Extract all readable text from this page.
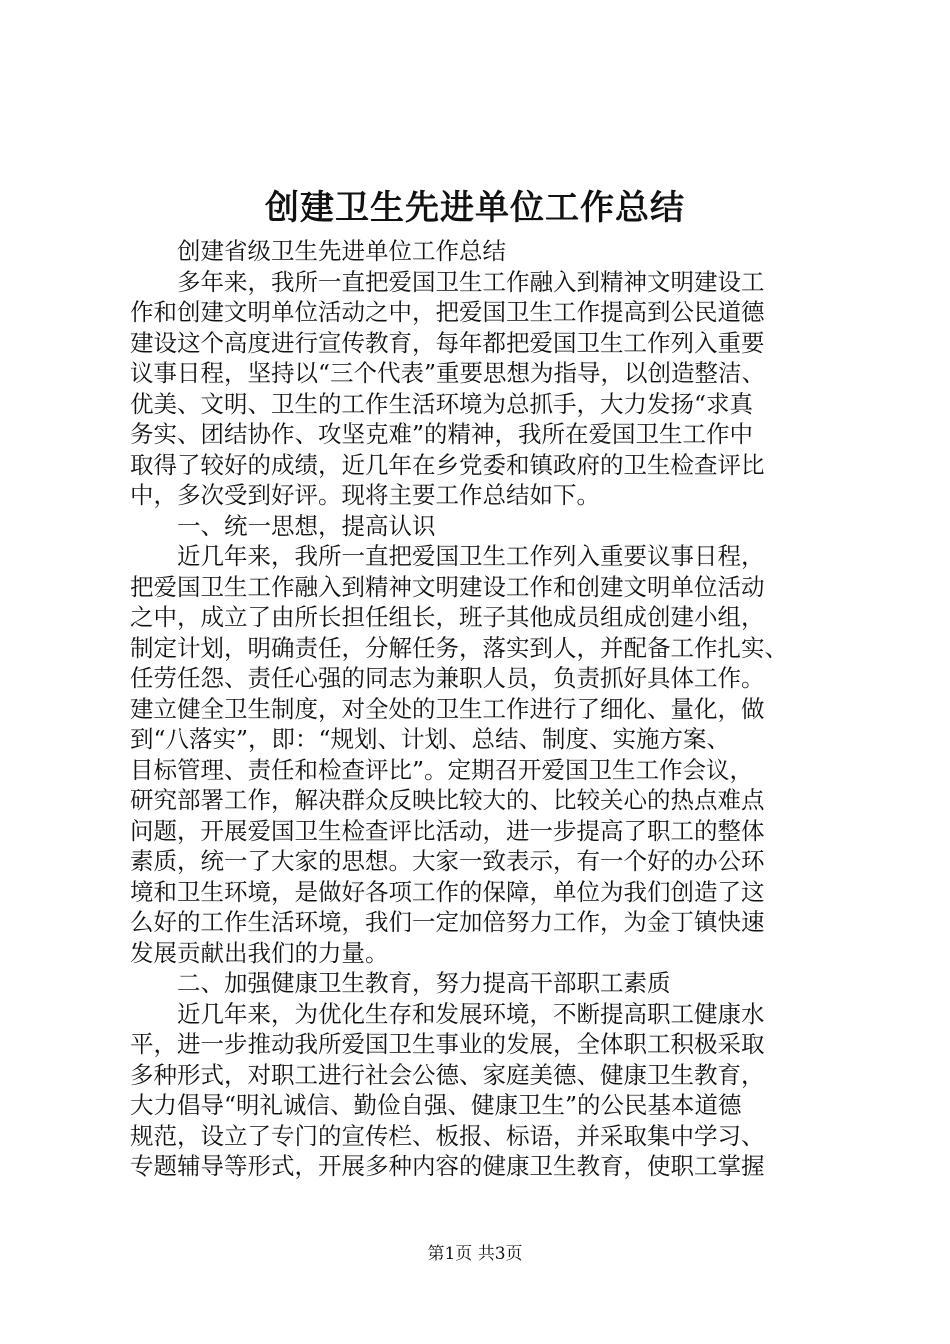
创建卫生先进单位工作总结
　　创建省级卫生先进单位工作总结
　　多年来，我所一直把爱国卫生工作融入到精神文明建设工
作和创建文明单位活动之中，把爱国卫生工作提高到公民道德
建设这个高度进行宣传教育，每年都把爱国卫生工作列入重要
议事日程，坚持以“三个代表”重要思想为指导，以创造整洁、
优美、文明、卫生的工作生活环境为总抓手，大力发扬“求真
务实、团结协作、攻坚克难”的精神，我所在爱国卫生工作中
取得了较好的成绩，近几年在乡党委和镇政府的卫生检查评比
中，多次受到好评。现将主要工作总结如下。
　　一、统一思想，提高认识
　　近几年来，我所一直把爱国卫生工作列入重要议事日程，
把爱国卫生工作融入到精神文明建设工作和创建文明单位活动
之中，成立了由所长担任组长，班子其他成员组成创建小组，
制定计划，明确责任，分解任务，落实到人，并配备工作扎实、
任劳任怨、责任心强的同志为兼职人员，负责抓好具体工作。
建立健全卫生制度，对全处的卫生工作进行了细化、量化，做
到“八落实”，即：“规划、计划、总结、制度、实施方案、
目标管理、责任和检查评比”。定期召开爱国卫生工作会议，
研究部署工作，解决群众反映比较大的、比较关心的热点难点
问题，开展爱国卫生检查评比活动，进一步提高了职工的整体
素质，统一了大家的思想。大家一致表示，有一个好的办公环
境和卫生环境，是做好各项工作的保障，单位为我们创造了这
么好的工作生活环境，我们一定加倍努力工作，为金丁镇快速
发展贡献出我们的力量。
　　二、加强健康卫生教育，努力提高干部职工素质
　　近几年来，为优化生存和发展环境，不断提高职工健康水
平，进一步推动我所爱国卫生事业的发展，全体职工积极采取
多种形式，对职工进行社会公德、家庭美德、健康卫生教育，
大力倡导“明礼诚信、勤俭自强、健康卫生”的公民基本道德
规范，设立了专门的宣传栏、板报、标语，并采取集中学习、
专题辅导等形式，开展多种内容的健康卫生教育，使职工掌握
第1页 共3页
